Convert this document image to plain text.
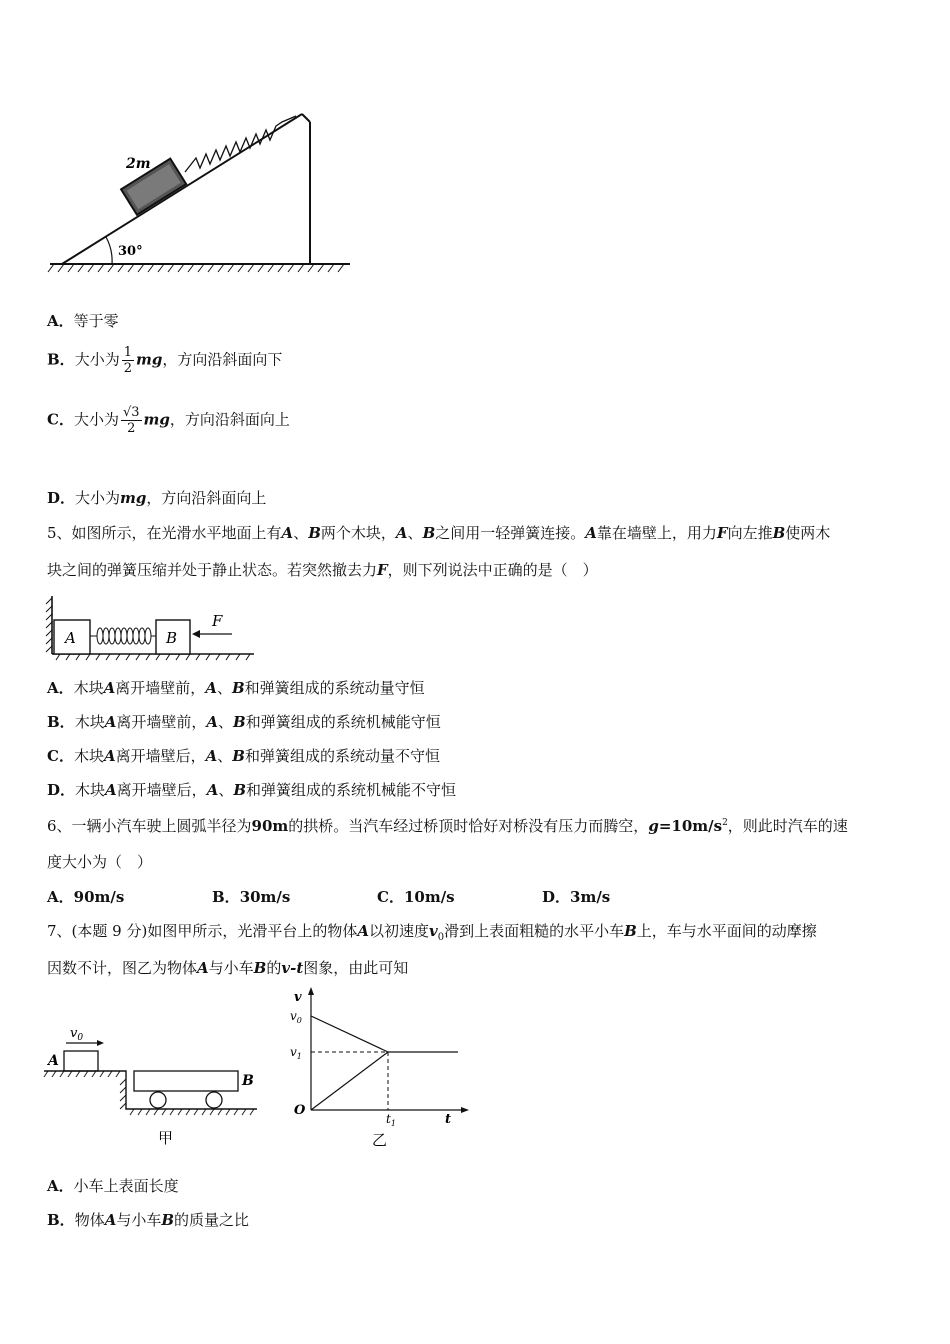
30°
2m
A．等于零
B．大小为 $\frac{1}{2}$ mg，方向沿斜面向下
C．大小为 $\frac{√3}{2}$ mg，方向沿斜面向上
D．大小为mg，方向沿斜面向上
5、如图所示，在光滑水平地面上有A、B两个木块，A、B之间用一轻弹簧连接。A靠在墙壁上，用力F向左推B使两木
块之间的弹簧压缩并处于静止状态。若突然撤去力F，则下列说法中正确的是（　）
A	B
F
A．木块A离开墙壁前，A、B和弹簧组成的系统动量守恒
B．木块A离开墙壁前，A、B和弹簧组成的系统机械能守恒
C．木块A离开墙壁后，A、B和弹簧组成的系统动量不守恒
D．木块A离开墙壁后，A、B和弹簧组成的系统机械能不守恒
6、一辆小汽车驶上圆弧半径为90m的拱桥。当汽车经过桥顶时恰好对桥没有压力而腾空，$g=10m/s^2$，则此时汽车的速
度大小为（　）
A．90m/s	B．30m/s	C．10m/s	D．3m/s
7、(本题 9 分)如图甲所示，光滑平台上的物体A以初速度$v_0$滑到上表面粗糙的水平小车B上，车与水平面间的动摩擦
因数不计，图乙为物体A与小车B的v-t图象，由此可知
$v_0$
A
B
甲
v
t
O
$v_0$
$v_1$
$t_1$
乙
A．小车上表面长度
B．物体A与小车B的质量之比
